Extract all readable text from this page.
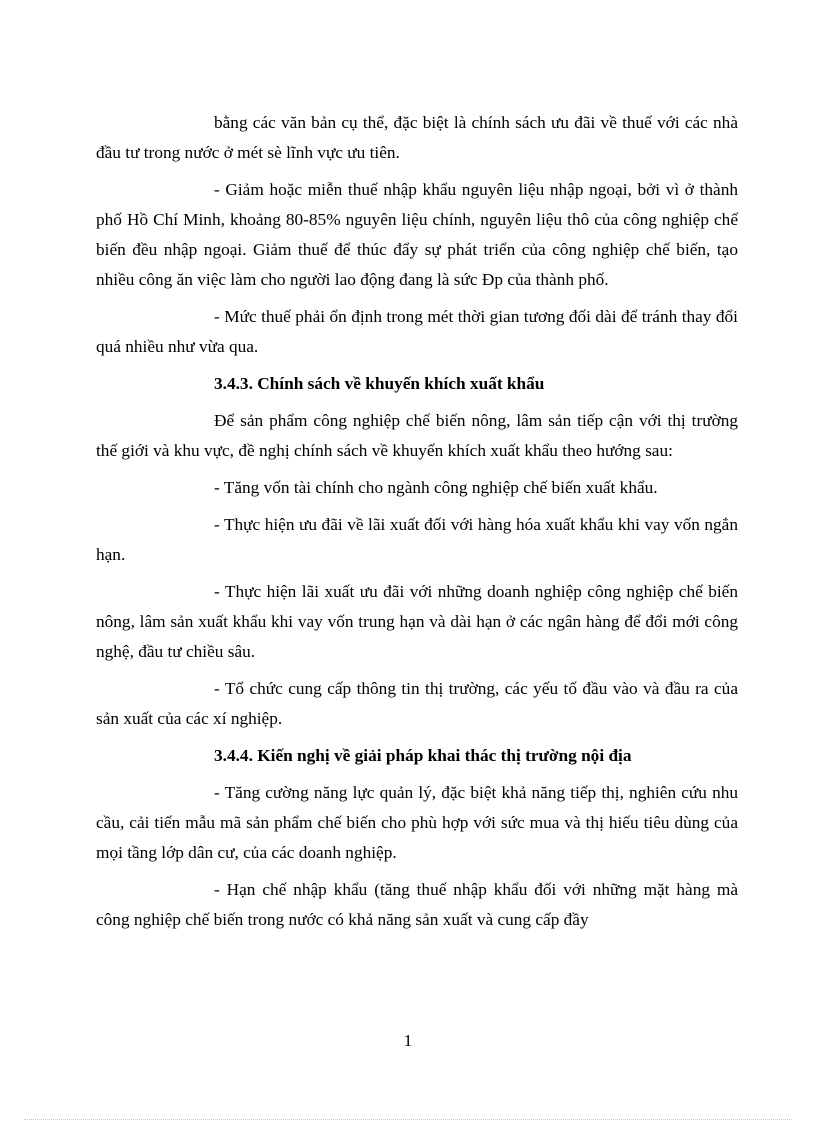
bằng các văn bản cụ thể, đặc biệt là chính sách ưu đãi về thuế với các nhà đầu tư trong nước ở mét sè lĩnh vực ưu tiên.

- Giảm hoặc miễn thuế nhập khẩu nguyên liệu nhập ngoại, bởi vì ở thành phố Hồ Chí Minh, khoảng 80-85% nguyên liệu chính, nguyên liệu thô của công nghiệp chế biến đều nhập ngoại. Giảm thuế để thúc đẩy sự phát triển của công nghiệp chế biến, tạo nhiều công ăn việc làm cho người lao động đang là sức Đp của thành phố.

- Mức thuế phải ổn định trong mét thời gian tương đối dài để tránh thay đổi quá nhiều như vừa qua.

3.4.3. Chính sách về khuyến khích xuất khẩu

Để sản phẩm công nghiệp chế biến nông, lâm sản tiếp cận với thị trường thế giới và khu vực, đề nghị chính sách về khuyến khích xuất khẩu theo hướng sau:

- Tăng vốn tài chính cho ngành công nghiệp chế biến xuất khẩu.

- Thực hiện ưu đãi về lãi xuất đối với hàng hóa xuất khẩu khi vay vốn ngắn hạn.

- Thực hiện lãi xuất ưu đãi với những doanh nghiệp công nghiệp chế biến nông, lâm sản xuất khẩu khi vay vốn trung hạn và dài hạn ở các ngân hàng để đổi mới công nghệ, đầu tư chiều sâu.

- Tổ chức cung cấp thông tin thị trường, các yếu tố đầu vào và đầu ra của sản xuất của các xí nghiệp.

3.4.4. Kiến nghị về giải pháp khai thác thị trường nội địa

- Tăng cường năng lực quản lý, đặc biệt khả năng tiếp thị, nghiên cứu nhu cầu, cải tiến mẫu mã sản phẩm chế biến cho phù hợp với sức mua và thị hiếu tiêu dùng của mọi tầng lớp dân cư, của các doanh nghiệp.

- Hạn chế nhập khẩu (tăng thuế nhập khẩu đối với những mặt hàng mà công nghiệp chế biến trong nước có khả năng sản xuất và cung cấp đầy

1
